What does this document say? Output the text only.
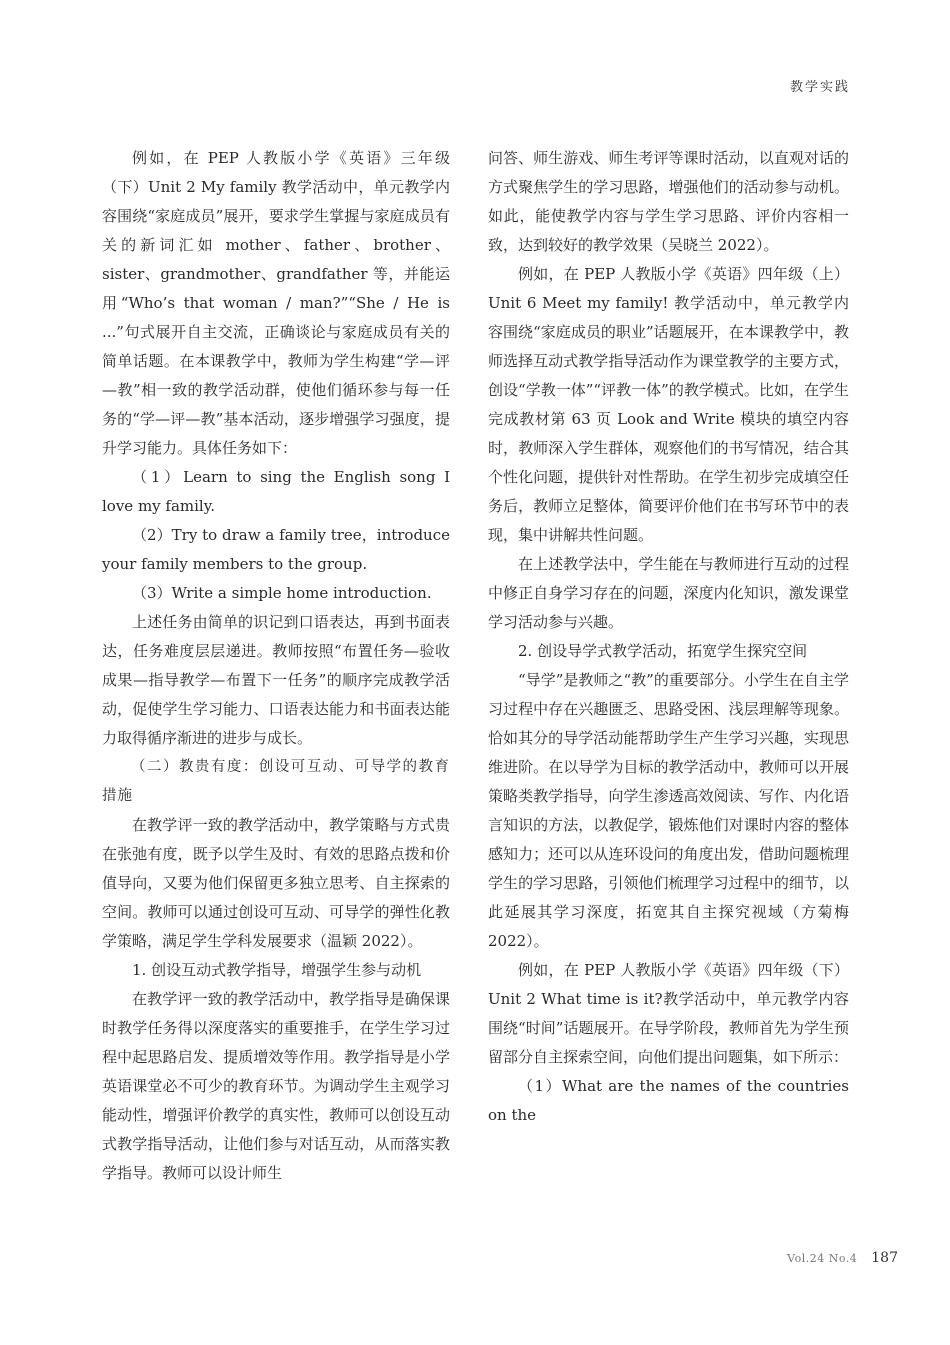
教学实践

例如，在 PEP 人教版小学《英语》三年级（下）Unit 2 My family 教学活动中，单元教学内容围绕“家庭成员”展开，要求学生掌握与家庭成员有关的新词汇如 mother、father、brother、sister、grandmother、grandfather 等，并能运用“Who’s that woman / man?”“She / He is ...”句式展开自主交流，正确谈论与家庭成员有关的简单话题。在本课教学中，教师为学生构建“学—评—教”相一致的教学活动群，使他们循环参与每一任务的“学—评—教”基本活动，逐步增强学习强度，提升学习能力。具体任务如下：

（1）Learn to sing the English song I love my family.

（2）Try to draw a family tree，introduce your family members to the group.

（3）Write a simple home introduction.

上述任务由简单的识记到口语表达，再到书面表达，任务难度层层递进。教师按照“布置任务—验收成果—指导教学—布置下一任务”的顺序完成教学活动，促使学生学习能力、口语表达能力和书面表达能力取得循序渐进的进步与成长。

（二）教贵有度：创设可互动、可导学的教育措施

在教学评一致的教学活动中，教学策略与方式贵在张弛有度，既予以学生及时、有效的思路点拨和价值导向，又要为他们保留更多独立思考、自主探索的空间。教师可以通过创设可互动、可导学的弹性化教学策略，满足学生学科发展要求（温颖 2022）。

1. 创设互动式教学指导，增强学生参与动机

在教学评一致的教学活动中，教学指导是确保课时教学任务得以深度落实的重要推手，在学生学习过程中起思路启发、提质增效等作用。教学指导是小学英语课堂必不可少的教育环节。为调动学生主观学习能动性，增强评价教学的真实性，教师可以创设互动式教学指导活动，让他们参与对话互动，从而落实教学指导。教师可以设计师生

问答、师生游戏、师生考评等课时活动，以直观对话的方式聚焦学生的学习思路，增强他们的活动参与动机。如此，能使教学内容与学生学习思路、评价内容相一致，达到较好的教学效果（吴晓兰 2022）。

例如，在 PEP 人教版小学《英语》四年级（上）Unit 6 Meet my family! 教学活动中，单元教学内容围绕“家庭成员的职业”话题展开，在本课教学中，教师选择互动式教学指导活动作为课堂教学的主要方式，创设“学教一体”“评教一体”的教学模式。比如，在学生完成教材第 63 页 Look and Write 模块的填空内容时，教师深入学生群体，观察他们的书写情况，结合其个性化问题，提供针对性帮助。在学生初步完成填空任务后，教师立足整体，简要评价他们在书写环节中的表现，集中讲解共性问题。

在上述教学法中，学生能在与教师进行互动的过程中修正自身学习存在的问题，深度内化知识，激发课堂学习活动参与兴趣。

2. 创设导学式教学活动，拓宽学生探究空间

“导学”是教师之“教”的重要部分。小学生在自主学习过程中存在兴趣匮乏、思路受困、浅层理解等现象。恰如其分的导学活动能帮助学生产生学习兴趣，实现思维进阶。在以导学为目标的教学活动中，教师可以开展策略类教学指导，向学生渗透高效阅读、写作、内化语言知识的方法，以教促学，锻炼他们对课时内容的整体感知力；还可以从连环设问的角度出发，借助问题梳理学生的学习思路，引领他们梳理学习过程中的细节，以此延展其学习深度，拓宽其自主探究视域（方菊梅 2022）。

例如，在 PEP 人教版小学《英语》四年级（下）Unit 2 What time is it?教学活动中，单元教学内容围绕“时间”话题展开。在导学阶段，教师首先为学生预留部分自主探索空间，向他们提出问题集，如下所示：

（1）What are the names of the countries on the

Vol.24 No.4 187
